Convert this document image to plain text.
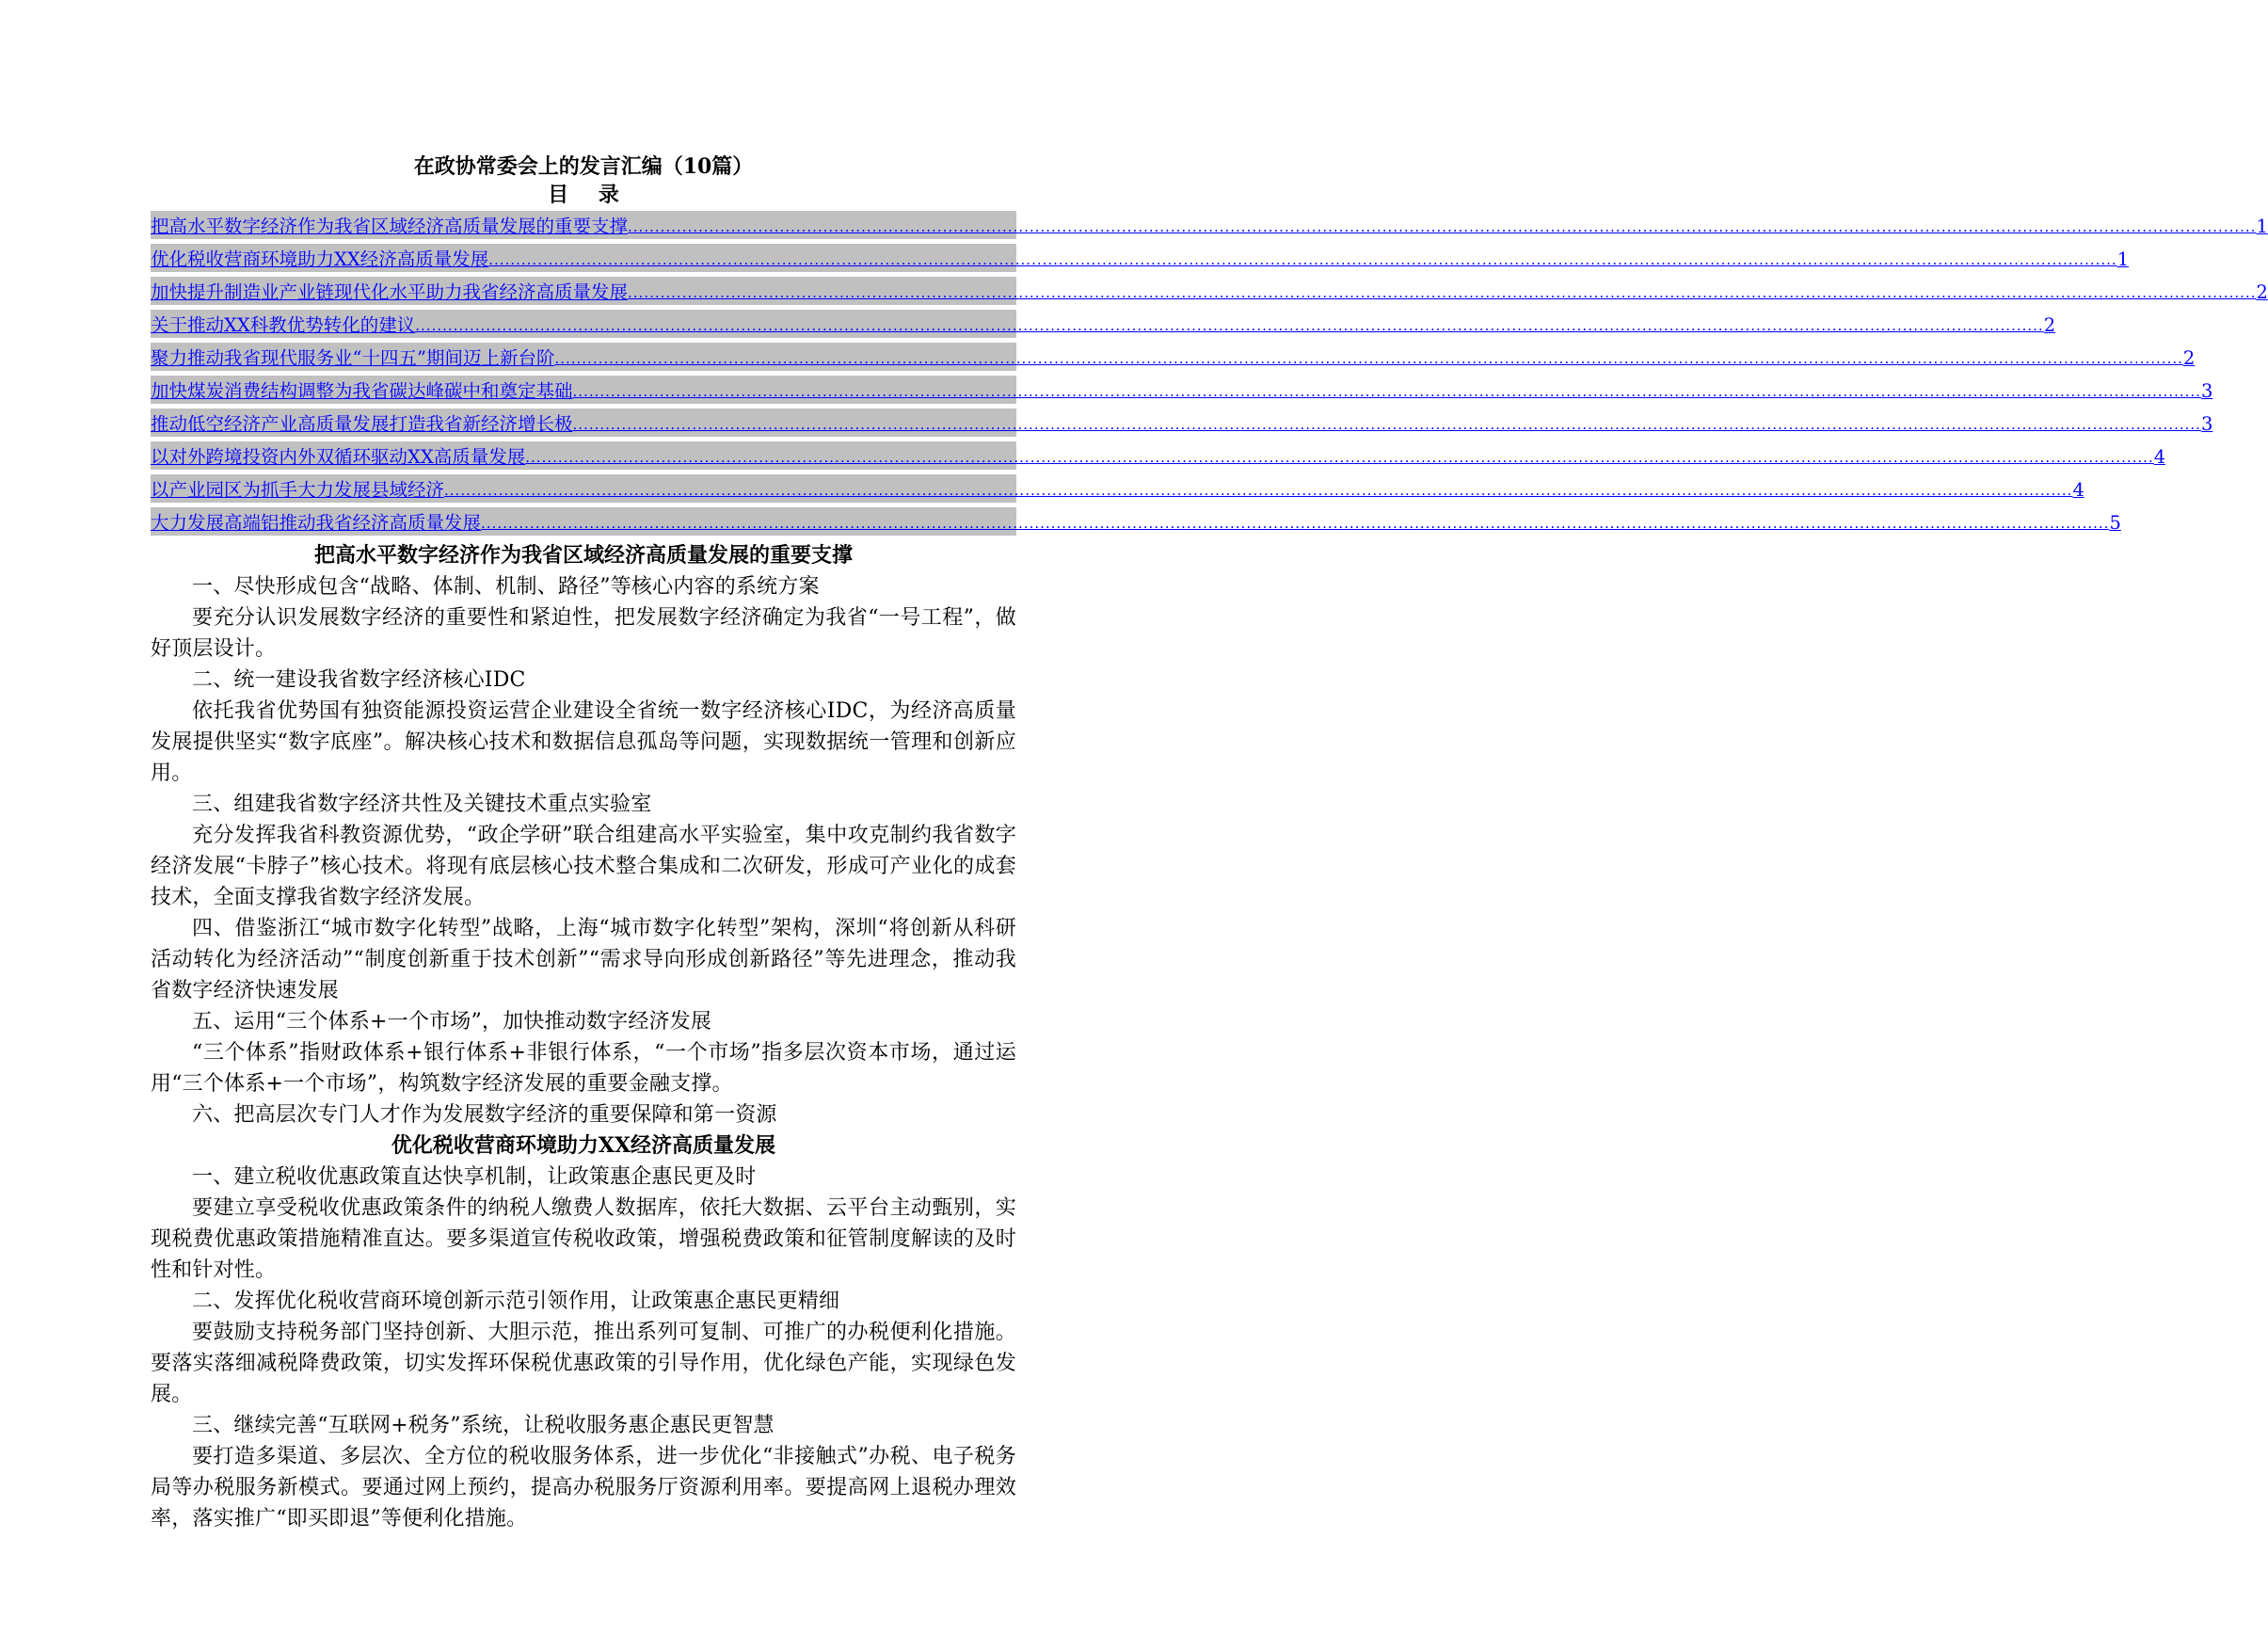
在政协常委会上的发言汇编（10篇）
目 录
把高水平数字经济作为我省区域经济高质量发展的重要支撑 ............................................................................................................................................................................................................................................................................................................ 1
优化税收营商环境助力XX经济高质量发展 ............................................................................................................................................................................................................................................................................................................ 1
加快提升制造业产业链现代化水平助力我省经济高质量发展 ............................................................................................................................................................................................................................................................................................................ 2
关于推动XX科教优势转化的建议 ............................................................................................................................................................................................................................................................................................................ 2
聚力推动我省现代服务业“十四五”期间迈上新台阶 ............................................................................................................................................................................................................................................................................................................ 2
加快煤炭消费结构调整为我省碳达峰碳中和奠定基础 ............................................................................................................................................................................................................................................................................................................ 3
推动低空经济产业高质量发展打造我省新经济增长极 ............................................................................................................................................................................................................................................................................................................ 3
以对外跨境投资内外双循环驱动XX高质量发展 ............................................................................................................................................................................................................................................................................................................ 4
以产业园区为抓手大力发展县域经济 ............................................................................................................................................................................................................................................................................................................ 4
大力发展高端铝推动我省经济高质量发展 ............................................................................................................................................................................................................................................................................................................ 5
把高水平数字经济作为我省区域经济高质量发展的重要支撑

一、尽快形成包含“战略、体制、机制、路径”等核心内容的系统方案

要充分认识发展数字经济的重要性和紧迫性，把发展数字经济确定为我省“一号工程”，做好顶层设计。

二、统一建设我省数字经济核心IDC

依托我省优势国有独资能源投资运营企业建设全省统一数字经济核心IDC，为经济高质量发展提供坚实“数字底座”。解决核心技术和数据信息孤岛等问题，实现数据统一管理和创新应用。

三、组建我省数字经济共性及关键技术重点实验室

充分发挥我省科教资源优势，“政企学研”联合组建高水平实验室，集中攻克制约我省数字经济发展“卡脖子”核心技术。将现有底层核心技术整合集成和二次研发，形成可产业化的成套技术，全面支撑我省数字经济发展。

四、借鉴浙江“城市数字化转型”战略，上海“城市数字化转型”架构，深圳“将创新从科研活动转化为经济活动”“制度创新重于技术创新”“需求导向形成创新路径”等先进理念，推动我省数字经济快速发展

五、运用“三个体系+一个市场”，加快推动数字经济发展

“三个体系”指财政体系+银行体系+非银行体系，“一个市场”指多层次资本市场，通过运用“三个体系+一个市场”，构筑数字经济发展的重要金融支撑。

六、把高层次专门人才作为发展数字经济的重要保障和第一资源

优化税收营商环境助力XX经济高质量发展

一、建立税收优惠政策直达快享机制，让政策惠企惠民更及时

要建立享受税收优惠政策条件的纳税人缴费人数据库，依托大数据、云平台主动甄别，实现税费优惠政策措施精准直达。要多渠道宣传税收政策，增强税费政策和征管制度解读的及时性和针对性。

二、发挥优化税收营商环境创新示范引领作用，让政策惠企惠民更精细

要鼓励支持税务部门坚持创新、大胆示范，推出系列可复制、可推广的办税便利化措施。要落实落细减税降费政策，切实发挥环保税优惠政策的引导作用，优化绿色产能，实现绿色发展。

三、继续完善“互联网+税务”系统，让税收服务惠企惠民更智慧

要打造多渠道、多层次、全方位的税收服务体系，进一步优化“非接触式”办税、电子税务局等办税服务新模式。要通过网上预约，提高办税服务厅资源利用率。要提高网上退税办理效率，落实推广“即买即退”等便利化措施。
